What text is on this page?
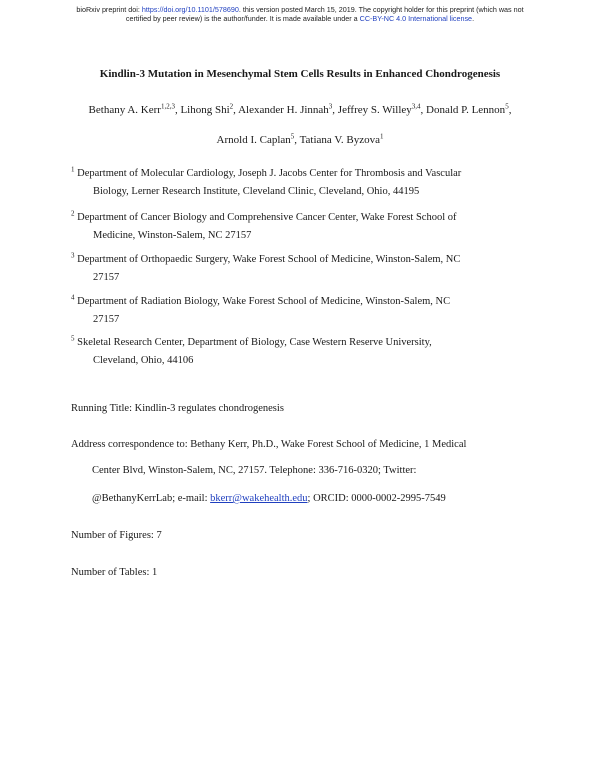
bioRxiv preprint doi: https://doi.org/10.1101/578690. this version posted March 15, 2019. The copyright holder for this preprint (which was not
certified by peer review) is the author/funder. It is made available under a CC-BY-NC 4.0 International license.
Kindlin-3 Mutation in Mesenchymal Stem Cells Results in Enhanced Chondrogenesis
Bethany A. Kerr$^{1,2,3}$, Lihong Shi$^2$, Alexander H. Jinnah$^3$, Jeffrey S. Willey$^{3,4}$, Donald P. Lennon$^5$,
Arnold I. Caplan$^5$, Tatiana V. Byzova$^1$
$^1$ Department of Molecular Cardiology, Joseph J. Jacobs Center for Thrombosis and Vascular
Biology, Lerner Research Institute, Cleveland Clinic, Cleveland, Ohio, 44195
$^2$ Department of Cancer Biology and Comprehensive Cancer Center, Wake Forest School of
Medicine, Winston-Salem, NC 27157
$^3$ Department of Orthopaedic Surgery, Wake Forest School of Medicine, Winston-Salem, NC
27157
$^4$ Department of Radiation Biology, Wake Forest School of Medicine, Winston-Salem, NC
27157
$^5$ Skeletal Research Center, Department of Biology, Case Western Reserve University,
Cleveland, Ohio, 44106
Running Title: Kindlin-3 regulates chondrogenesis
Address correspondence to: Bethany Kerr, Ph.D., Wake Forest School of Medicine, 1 Medical
Center Blvd, Winston-Salem, NC, 27157. Telephone: 336-716-0320; Twitter:
@BethanyKerrLab; e-mail: bkerr@wakehealth.edu; ORCID: 0000-0002-2995-7549
Number of Figures: 7
Number of Tables: 1
